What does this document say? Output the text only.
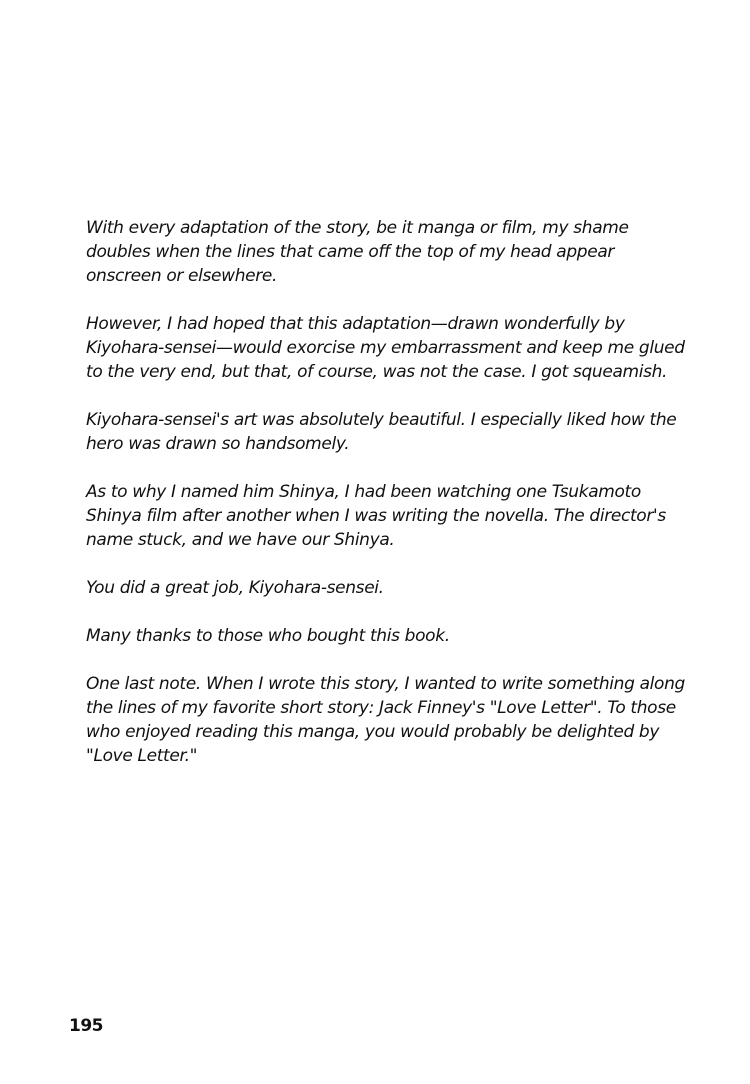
With every adaptation of the story, be it manga or film, my shame doubles when the lines that came off the top of my head appear onscreen or elsewhere.

However, I had hoped that this adaptation—drawn wonderfully by Kiyohara-sensei—would exorcise my embarrassment and keep me glued to the very end, but that, of course, was not the case. I got squeamish.

Kiyohara-sensei's art was absolutely beautiful. I especially liked how the hero was drawn so handsomely.

As to why I named him Shinya, I had been watching one Tsukamoto Shinya film after another when I was writing the novella. The director's name stuck, and we have our Shinya.

You did a great job, Kiyohara-sensei.

Many thanks to those who bought this book.

One last note. When I wrote this story, I wanted to write something along the lines of my favorite short story: Jack Finney's "Love Letter". To those who enjoyed reading this manga, you would probably be delighted by "Love Letter."

195
